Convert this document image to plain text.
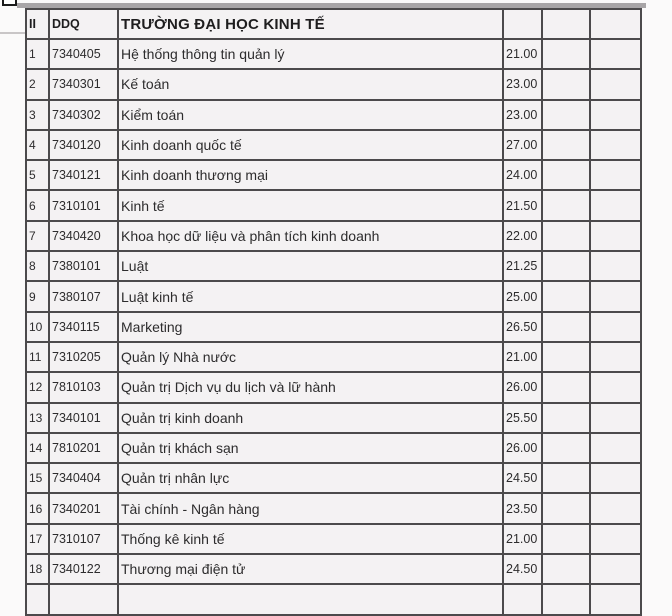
II	DDQ	TRƯỜNG ĐẠI HỌC KINH TẾ			
1	7340405	Hệ thống thông tin quản lý	21.00		
2	7340301	Kế toán	23.00		
3	7340302	Kiểm toán	23.00		
4	7340120	Kinh doanh quốc tế	27.00		
5	7340121	Kinh doanh thương mại	24.00		
6	7310101	Kinh tế	21.50		
7	7340420	Khoa học dữ liệu và phân tích kinh doanh	22.00		
8	7380101	Luật	21.25		
9	7380107	Luật kinh tế	25.00		
10	7340115	Marketing	26.50		
11	7310205	Quản lý Nhà nước	21.00		
12	7810103	Quản trị Dịch vụ du lịch và lữ hành	26.00		
13	7340101	Quản trị kinh doanh	25.50		
14	7810201	Quản trị khách sạn	26.00		
15	7340404	Quản trị nhân lực	24.50		
16	7340201	Tài chính - Ngân hàng	23.50		
17	7310107	Thống kê kinh tế	21.00		
18	7340122	Thương mại điện tử	24.50		
